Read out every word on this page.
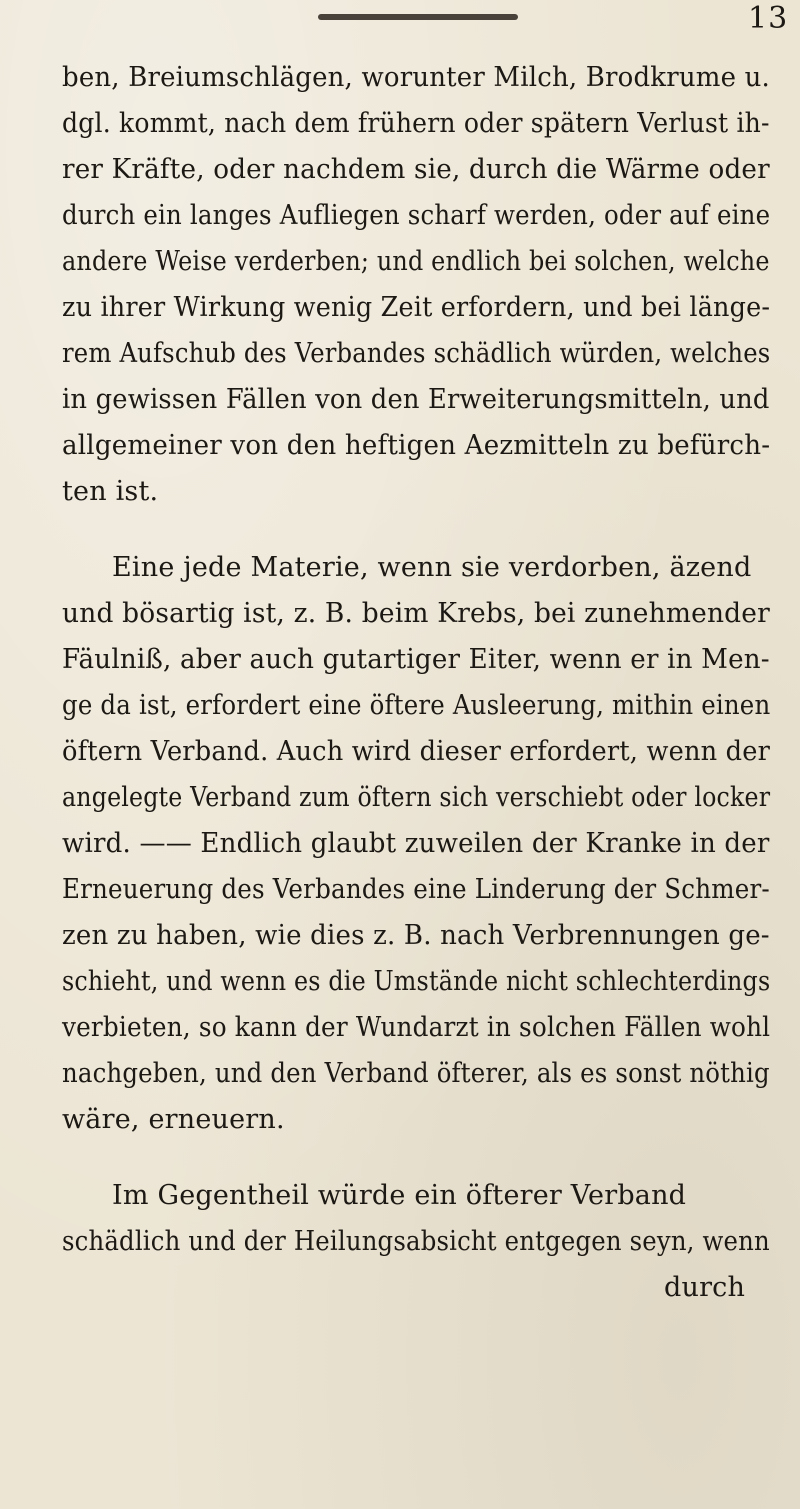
13
ben, Breiumschlägen, worunter Milch, Brodkrume u.
dgl. kommt, nach dem frühern oder spätern Verlust ih-
rer Kräfte, oder nachdem sie, durch die Wärme oder
durch ein langes Aufliegen scharf werden, oder auf eine
andere Weise verderben; und endlich bei solchen, welche
zu ihrer Wirkung wenig Zeit erfordern, und bei länge-
rem Aufschub des Verbandes schädlich würden, welches
in gewissen Fällen von den Erweiterungsmitteln, und
allgemeiner von den heftigen Aezmitteln zu befürch-
ten ist.
Eine jede Materie, wenn sie verdorben, äzend
und bösartig ist, z. B. beim Krebs, bei zunehmender
Fäulniß, aber auch gutartiger Eiter, wenn er in Men-
ge da ist, erfordert eine öftere Ausleerung, mithin einen
öftern Verband. Auch wird dieser erfordert, wenn der
angelegte Verband zum öftern sich verschiebt oder locker
wird. —— Endlich glaubt zuweilen der Kranke in der
Erneuerung des Verbandes eine Linderung der Schmer-
zen zu haben, wie dies z. B. nach Verbrennungen ge-
schieht, und wenn es die Umstände nicht schlechterdings
verbieten, so kann der Wundarzt in solchen Fällen wohl
nachgeben, und den Verband öfterer, als es sonst nöthig
wäre, erneuern.
Im Gegentheil würde ein öfterer Verband
schädlich und der Heilungsabsicht entgegen seyn, wenn
durch
